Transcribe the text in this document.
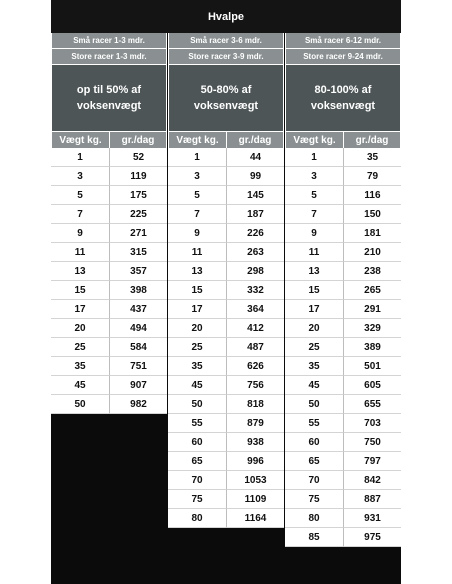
Hvalpe
Små racer 1-3 mdr.
Store racer 1-3 mdr.
op til 50% af
voksenvægt
Vægt kg.	gr./dag
1	52
3	119
5	175
7	225
9	271
11	315
13	357
15	398
17	437
20	494
25	584
35	751
45	907
50	982
Små racer 3-6 mdr.
Store racer 3-9 mdr.
50-80% af
voksenvægt
Vægt kg.	gr./dag
1	44
3	99
5	145
7	187
9	226
11	263
13	298
15	332
17	364
20	412
25	487
35	626
45	756
50	818
55	879
60	938
65	996
70	1053
75	1109
80	1164
Små racer 6-12 mdr.
Store racer 9-24 mdr.
80-100% af
voksenvægt
Vægt kg.	gr./dag
1	35
3	79
5	116
7	150
9	181
11	210
13	238
15	265
17	291
20	329
25	389
35	501
45	605
50	655
55	703
60	750
65	797
70	842
75	887
80	931
85	975
